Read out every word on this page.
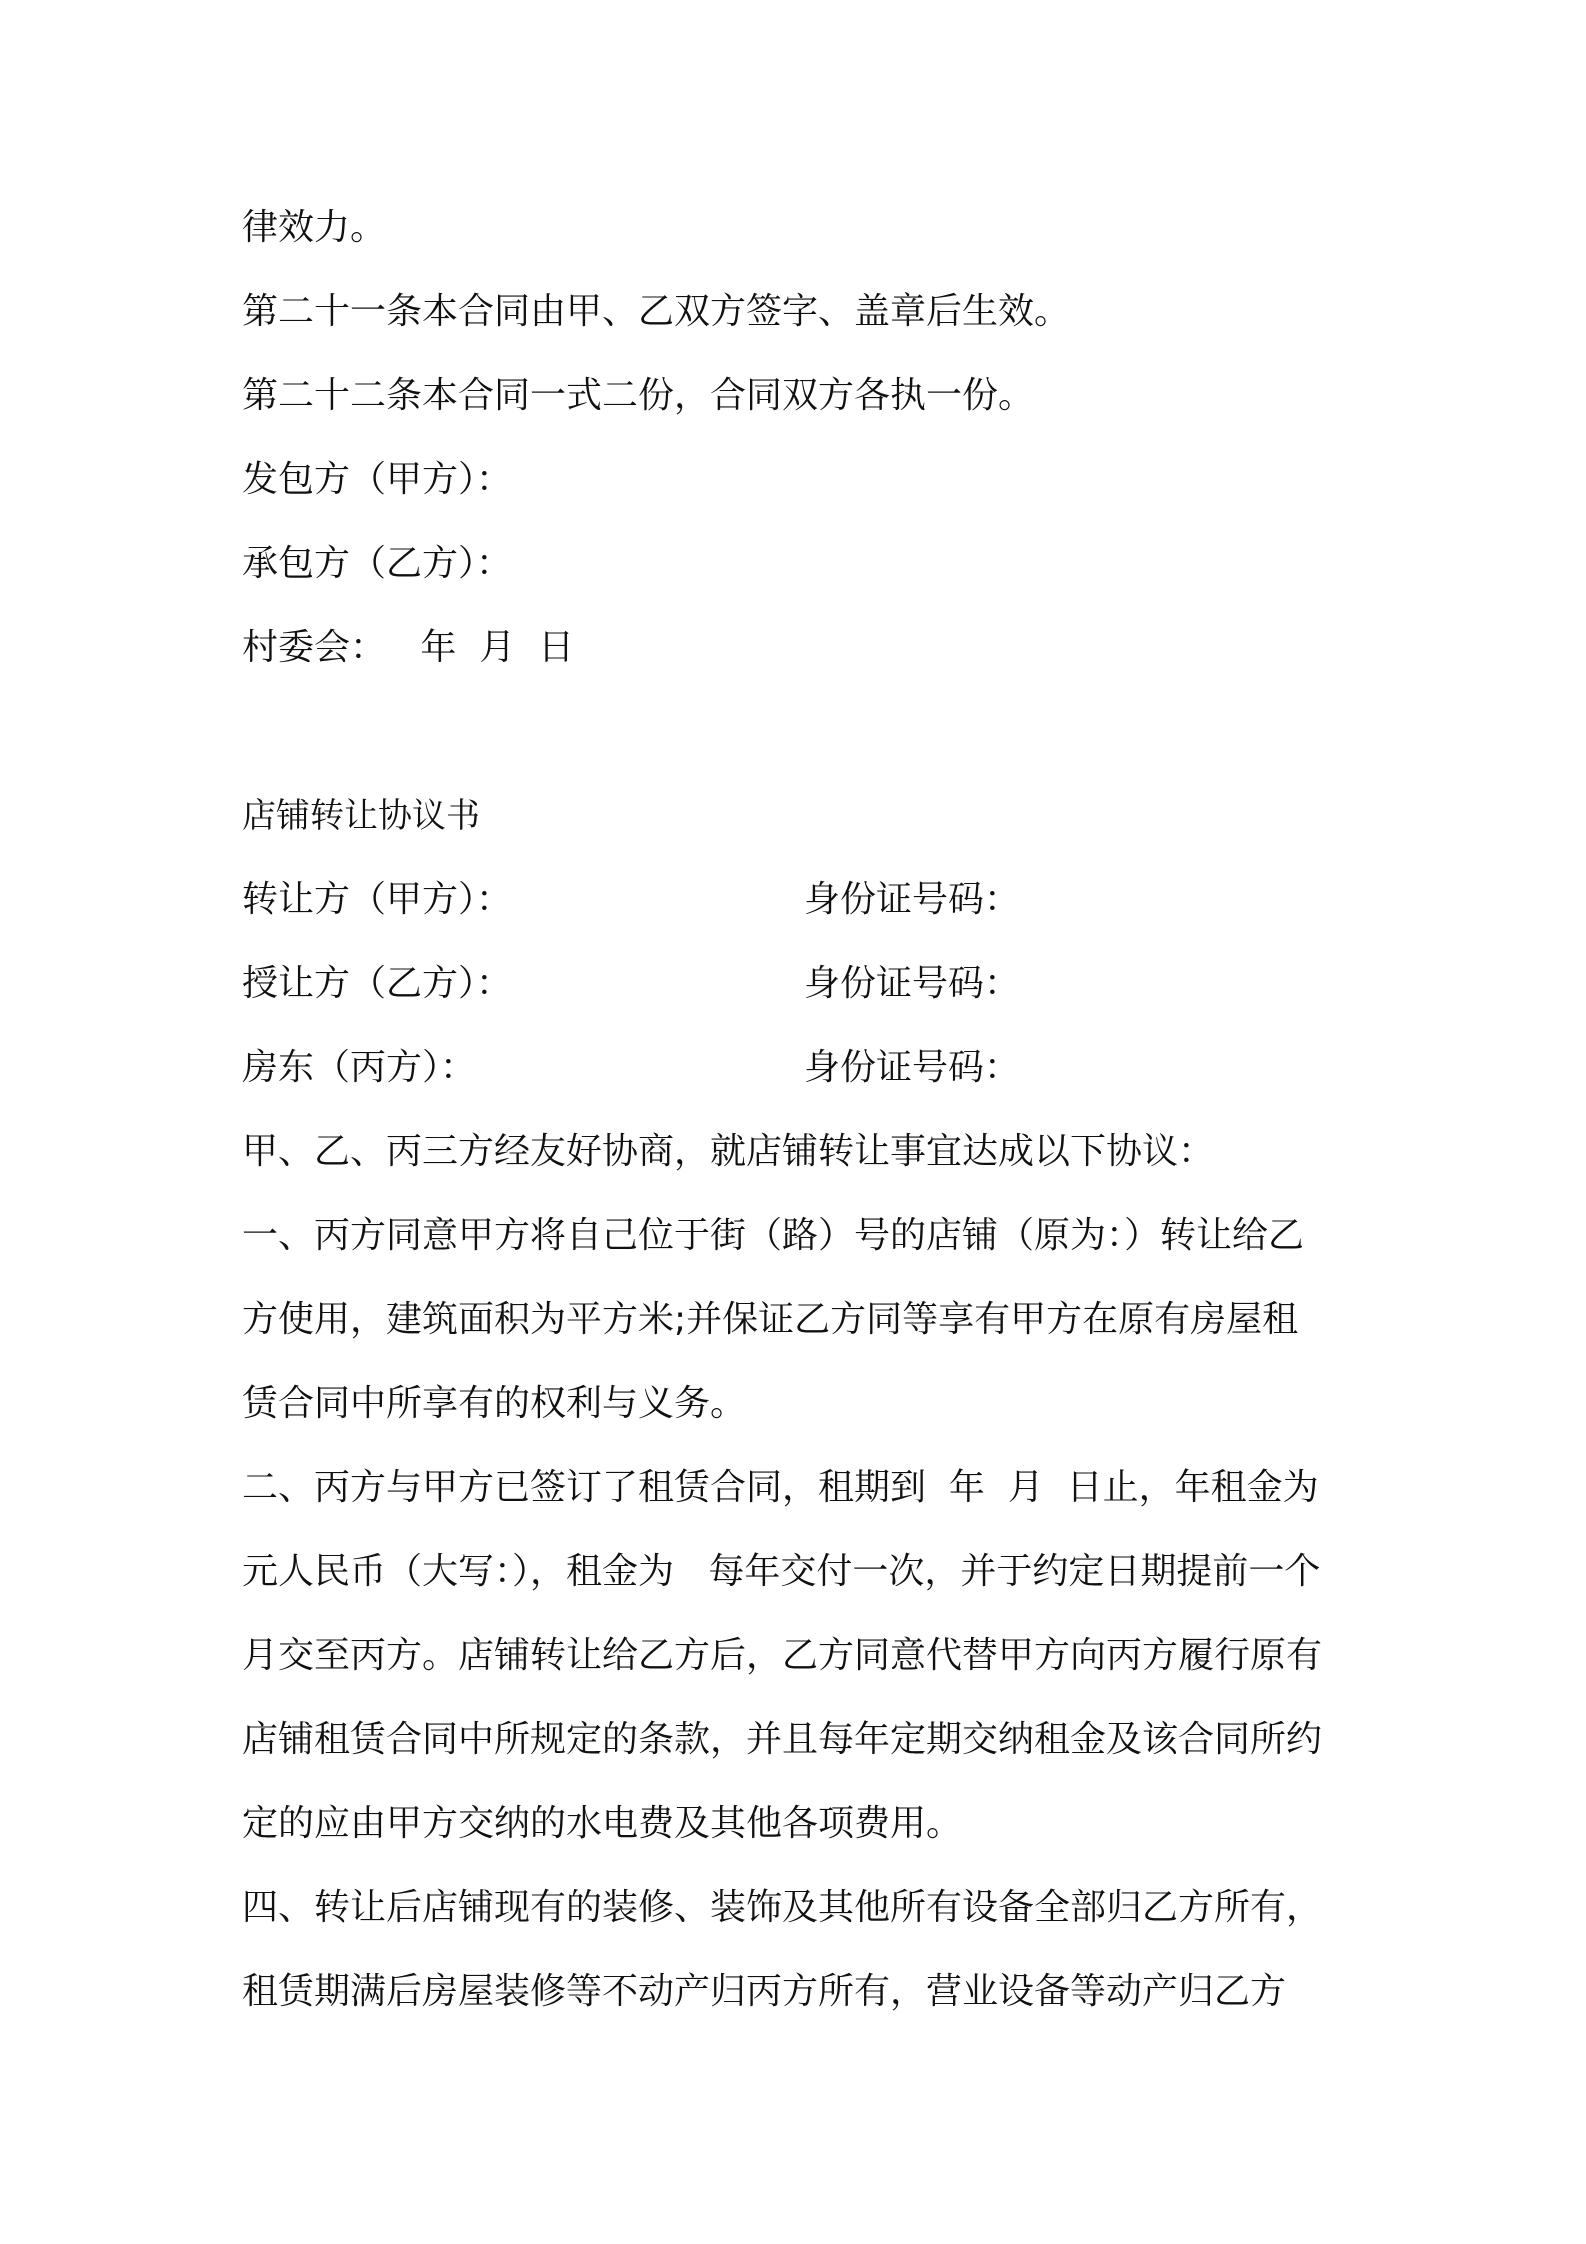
律效力。
第二十一条本合同由甲、乙双方签字、盖章后生效。
第二十二条本合同一式二份，合同双方各执一份。
发包方（甲方）：
承包方（乙方）：
村委会：   年  月  日
店铺转让协议书
转让方（甲方）：	身份证号码：
授让方（乙方）：	身份证号码：
房东（丙方）：	身份证号码：
甲、乙、丙三方经友好协商，就店铺转让事宜达成以下协议：
一、丙方同意甲方将自己位于街（路）号的店铺（原为：）转让给乙
方使用，建筑面积为平方米;并保证乙方同等享有甲方在原有房屋租
赁合同中所享有的权利与义务。
二、丙方与甲方已签订了租赁合同，租期到  年  月  日止，年租金为
元人民币（大写：），租金为   每年交付一次，并于约定日期提前一个
月交至丙方。店铺转让给乙方后，乙方同意代替甲方向丙方履行原有
店铺租赁合同中所规定的条款，并且每年定期交纳租金及该合同所约
定的应由甲方交纳的水电费及其他各项费用。
四、转让后店铺现有的装修、装饰及其他所有设备全部归乙方所有，
租赁期满后房屋装修等不动产归丙方所有，营业设备等动产归乙方
